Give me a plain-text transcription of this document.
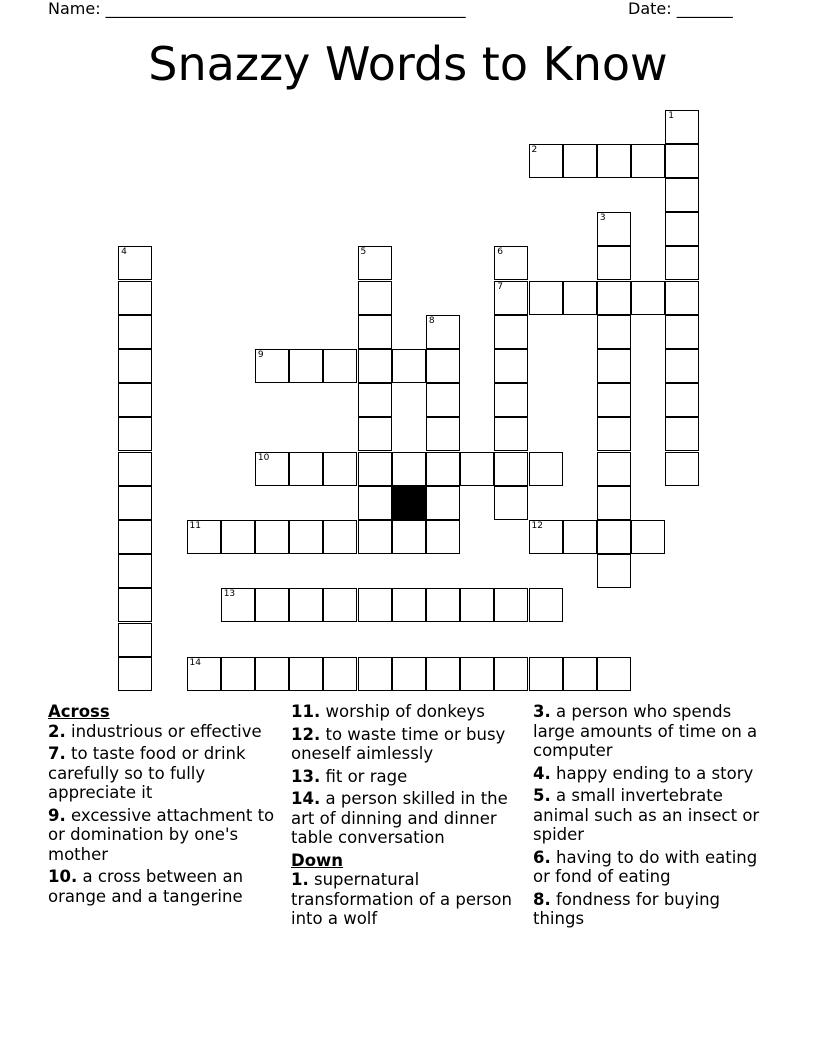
Name: _____________________________________________	Date: _______
Snazzy Words to Know
1
2
3
4	5	6
7
8
9
10
11	12
13
14
Across
2. industrious or effective
7. to taste food or drink carefully so to fully appreciate it
9. excessive attachment to or domination by one's mother
10. a cross between an orange and a tangerine
11. worship of donkeys
12. to waste time or busy oneself aimlessly
13. fit or rage
14. a person skilled in the art of dinning and dinner table conversation
Down
1. supernatural transformation of a person into a wolf
3. a person who spends large amounts of time on a computer
4. happy ending to a story
5. a small invertebrate animal such as an insect or spider
6. having to do with eating or fond of eating
8. fondness for buying things
